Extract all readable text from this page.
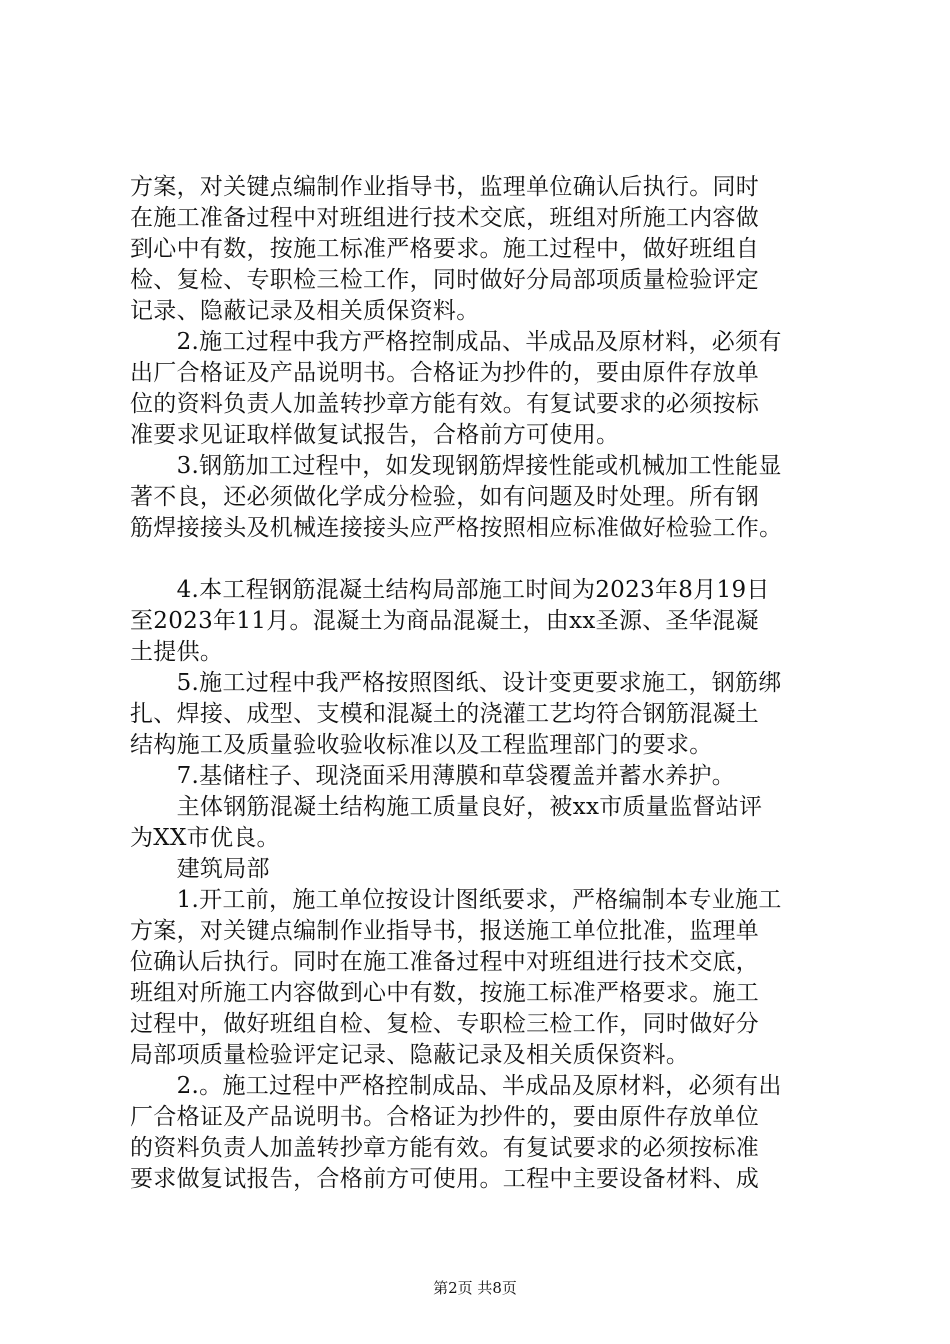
方案，对关键点编制作业指导书，监理单位确认后执行。同时
在施工准备过程中对班组进行技术交底，班组对所施工内容做
到心中有数，按施工标准严格要求。施工过程中，做好班组自
检、复检、专职检三检工作，同时做好分局部项质量检验评定
记录、隐蔽记录及相关质保资料。
　　2.施工过程中我方严格控制成品、半成品及原材料，必须有
出厂合格证及产品说明书。合格证为抄件的，要由原件存放单
位的资料负责人加盖转抄章方能有效。有复试要求的必须按标
准要求见证取样做复试报告，合格前方可使用。
　　3.钢筋加工过程中，如发现钢筋焊接性能或机械加工性能显
著不良，还必须做化学成分检验，如有问题及时处理。所有钢
筋焊接接头及机械连接接头应严格按照相应标准做好检验工作。
　　4.本工程钢筋混凝土结构局部施工时间为2023年8月19日
至2023年11月。混凝土为商品混凝土，由xx圣源、圣华混凝
土提供。
　　5.施工过程中我严格按照图纸、设计变更要求施工，钢筋绑
扎、焊接、成型、支模和混凝土的浇灌工艺均符合钢筋混凝土
结构施工及质量验收验收标准以及工程监理部门的要求。
　　7.基储柱子、现浇面采用薄膜和草袋覆盖并蓄水养护。
　　主体钢筋混凝土结构施工质量良好，被xx市质量监督站评
为XX市优良。
　　建筑局部
　　1.开工前，施工单位按设计图纸要求，严格编制本专业施工
方案，对关键点编制作业指导书，报送施工单位批准，监理单
位确认后执行。同时在施工准备过程中对班组进行技术交底，
班组对所施工内容做到心中有数，按施工标准严格要求。施工
过程中，做好班组自检、复检、专职检三检工作，同时做好分
局部项质量检验评定记录、隐蔽记录及相关质保资料。
　　2.。施工过程中严格控制成品、半成品及原材料，必须有出
厂合格证及产品说明书。合格证为抄件的，要由原件存放单位
的资料负责人加盖转抄章方能有效。有复试要求的必须按标准
要求做复试报告，合格前方可使用。工程中主要设备材料、成
第2页 共8页
